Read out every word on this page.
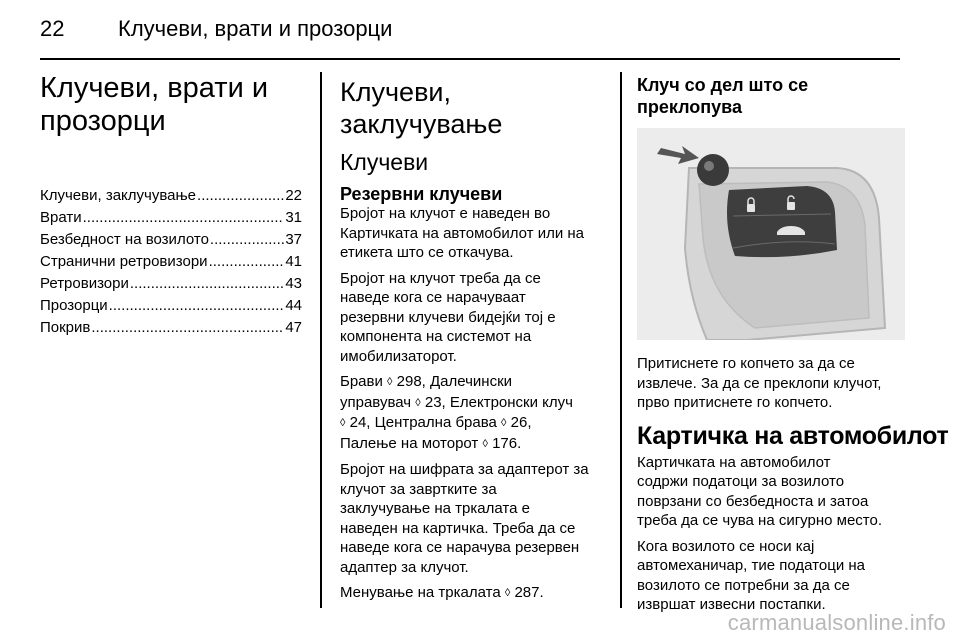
22 Клучеви, врати и прозорци
Клучеви, врати и
прозорци
Клучеви, заклучување .....	22
Врати .....	31
Безбедност на возилото .....	37
Странични ретровизори .....	41
Ретровизори .....	43
Прозорци .....	44
Покрив .....	47
Клучеви, заклучување
Клучеви
Резервни клучеви
Бројот на клучот е наведен во
Картичката на автомобилот или на
етикета што се откачува.
Бројот на клучот треба да се
наведе кога се нарачуваат
резервни клучеви бидејќи тој е
компонента на системот на
имобилизаторот.
Брави ◊ 298, Далечински
управувач ◊ 23, Електронски клуч
◊ 24, Централна брава ◊ 26,
Палење на моторот ◊ 176.
Бројот на шифрата за адаптерот за
клучот за завртките за
заклучување на тркалата е
наведен на картичка. Треба да се
наведе кога се нарачува резервен
адаптер за клучот.
Менување на тркалата ◊ 287.
Клуч со дел што се
преклопува
Притиснете го копчето за да се
извлече. За да се преклопи клучот,
прво притиснете го копчето.
Картичка на автомобилот
Картичката на автомобилот
содржи податоци за возилото
поврзани со безбедноста и затоа
треба да се чува на сигурно место.
Кога возилото се носи кај
автомеханичар, тие податоци на
возилото се потребни за да се
извршат извесни постапки.
carmanualsonline.info
